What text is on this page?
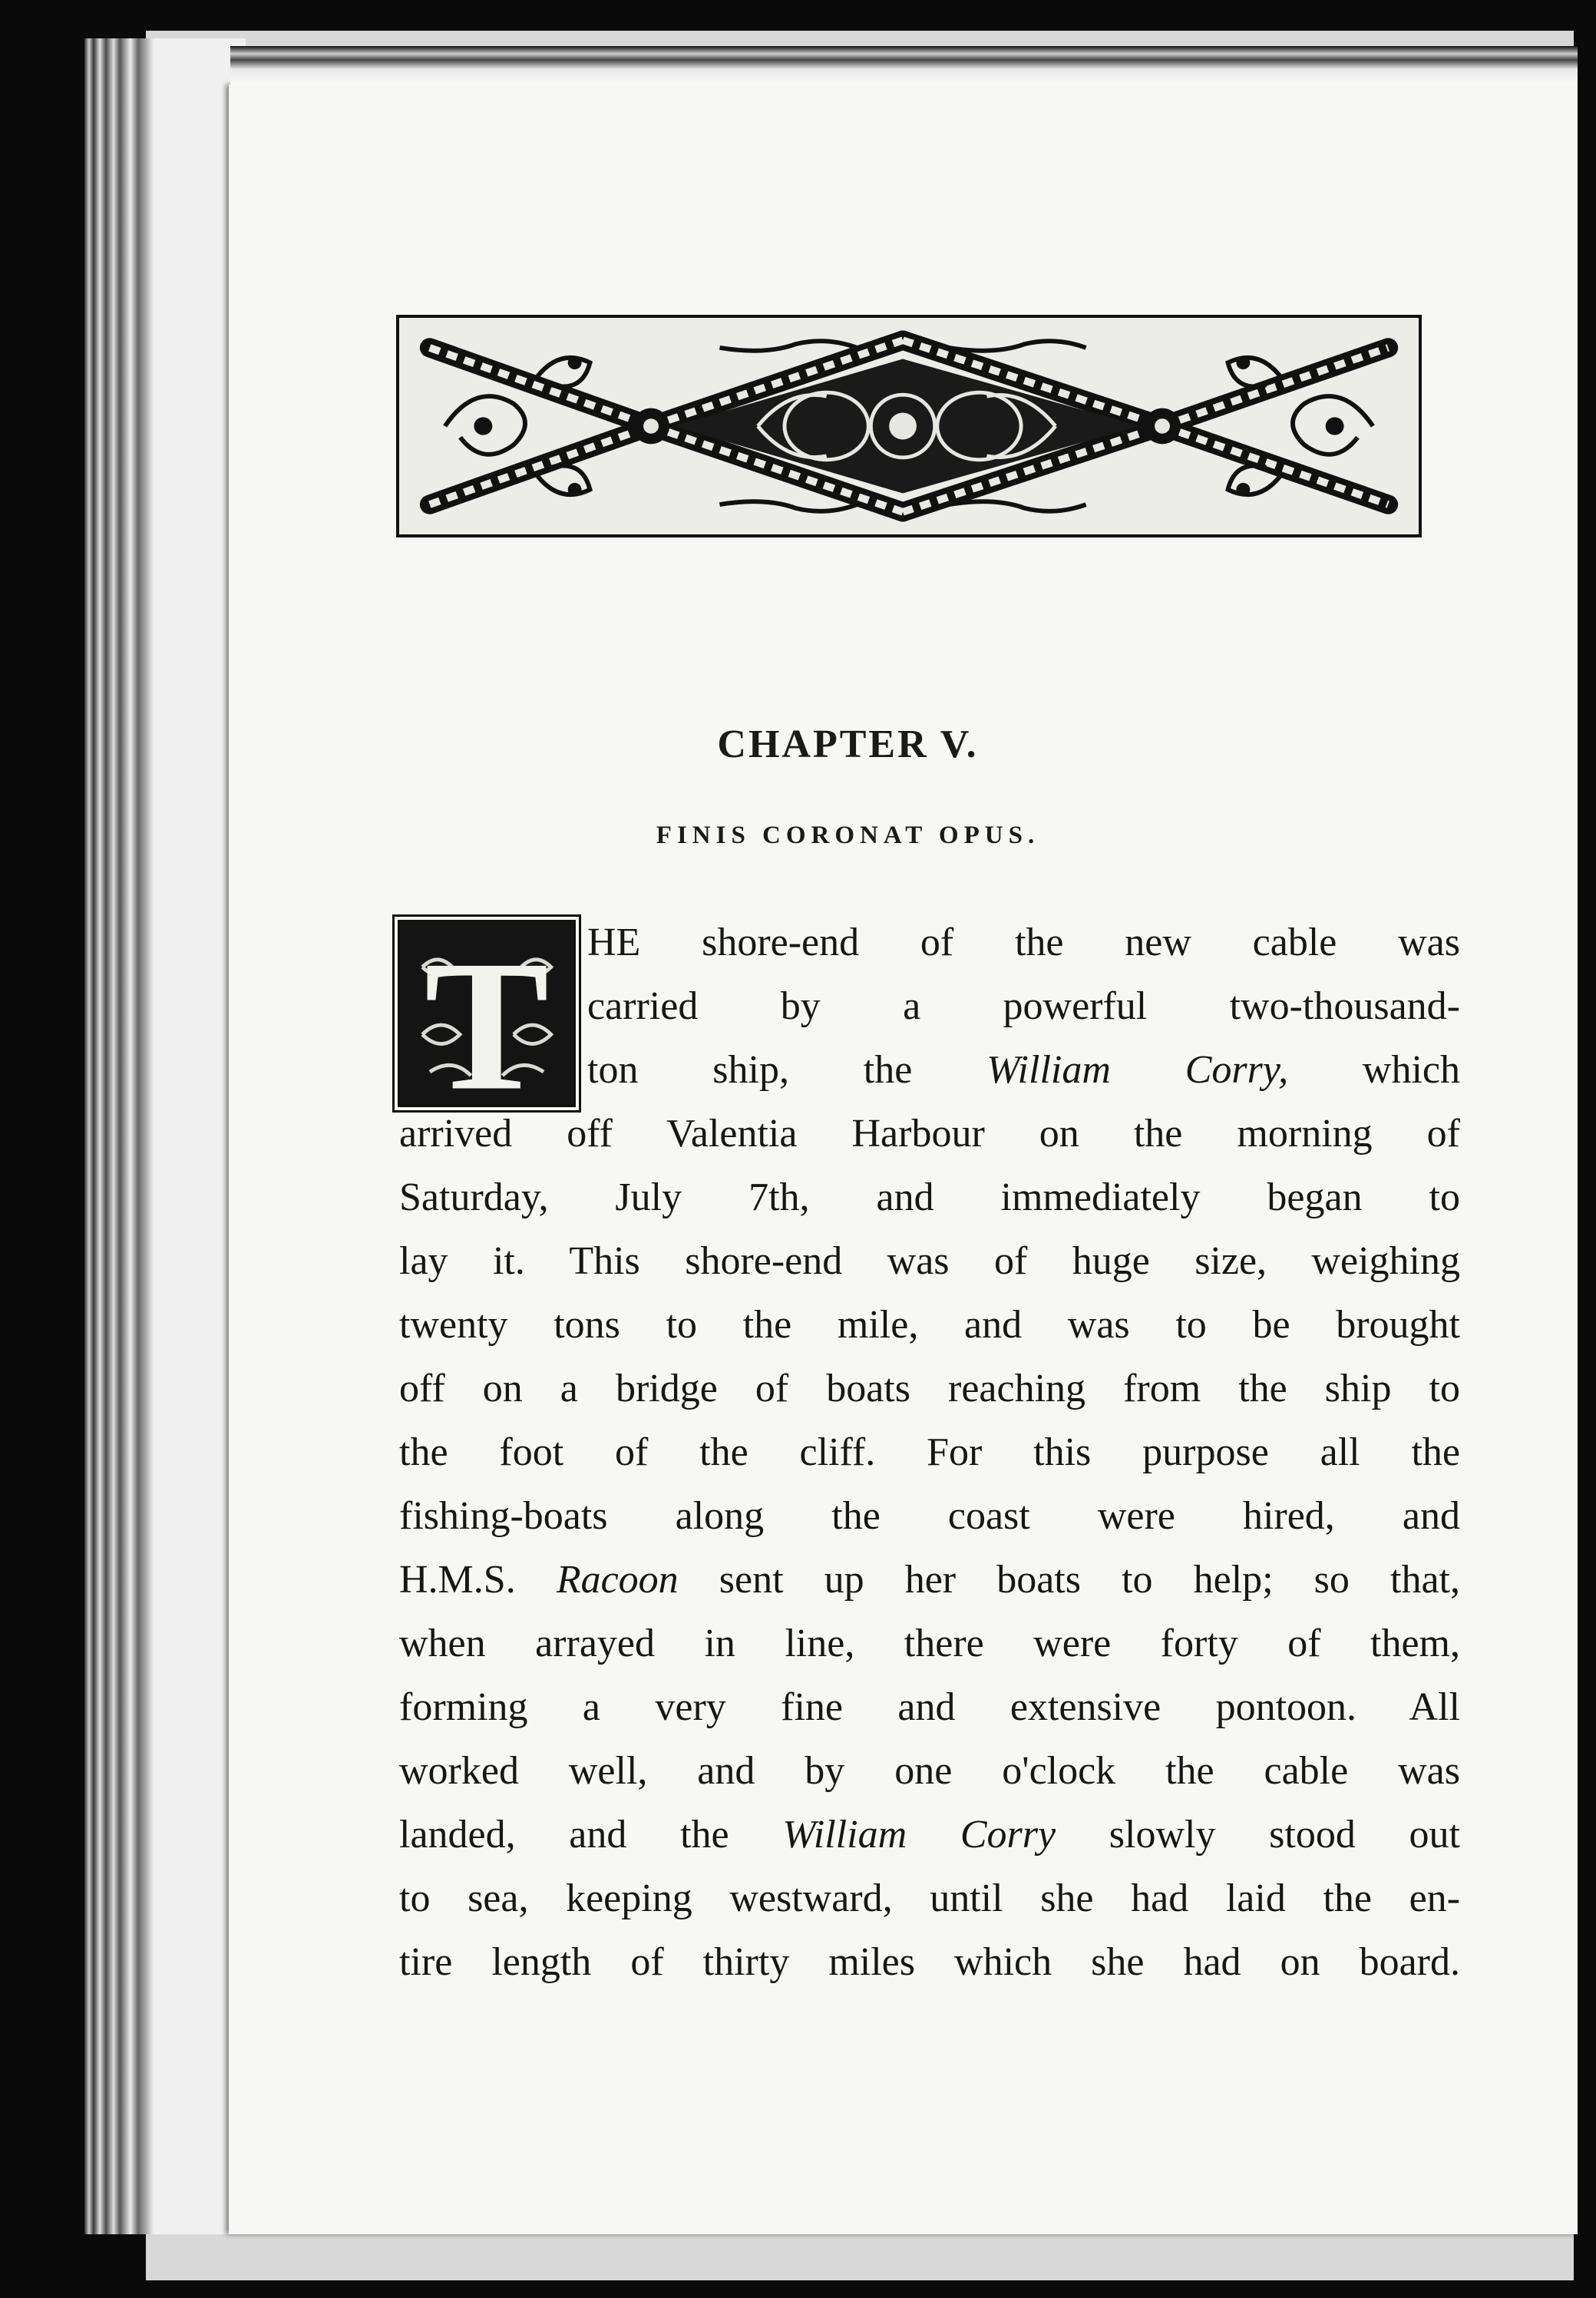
CHAPTER V.
FINIS CORONAT OPUS.
T HE shore-end of the new cable was
carried by a powerful two-thousand-
ton ship, the William Corry, which
arrived off Valentia Harbour on the morning of
Saturday, July 7th, and immediately began to
lay it. This shore-end was of huge size, weighing
twenty tons to the mile, and was to be brought
off on a bridge of boats reaching from the ship to
the foot of the cliff. For this purpose all the
fishing-boats along the coast were hired, and
H.M.S. Racoon sent up her boats to help; so that,
when arrayed in line, there were forty of them,
forming a very fine and extensive pontoon. All
worked well, and by one o'clock the cable was
landed, and the William Corry slowly stood out
to sea, keeping westward, until she had laid the en-
tire length of thirty miles which she had on board.
